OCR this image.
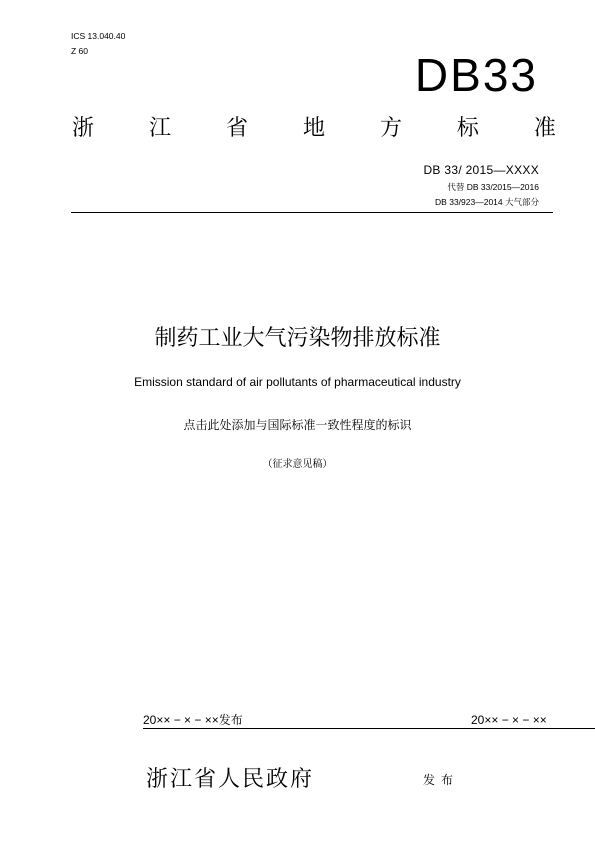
ICS 13.040.40
Z 60	DB33
浙 江 省 地 方 标 准
DB 33/ 2015—XXXX
代替 DB 33/2015—2016
DB 33/923—2014 大气部分
制药工业大气污染物排放标准
Emission standard of air pollutants of pharmaceutical industry
点击此处添加与国际标准一致性程度的标识
（征求意见稿）
20×× − × − ××发布	20×× − × − ××
浙江省人民政府	发布
